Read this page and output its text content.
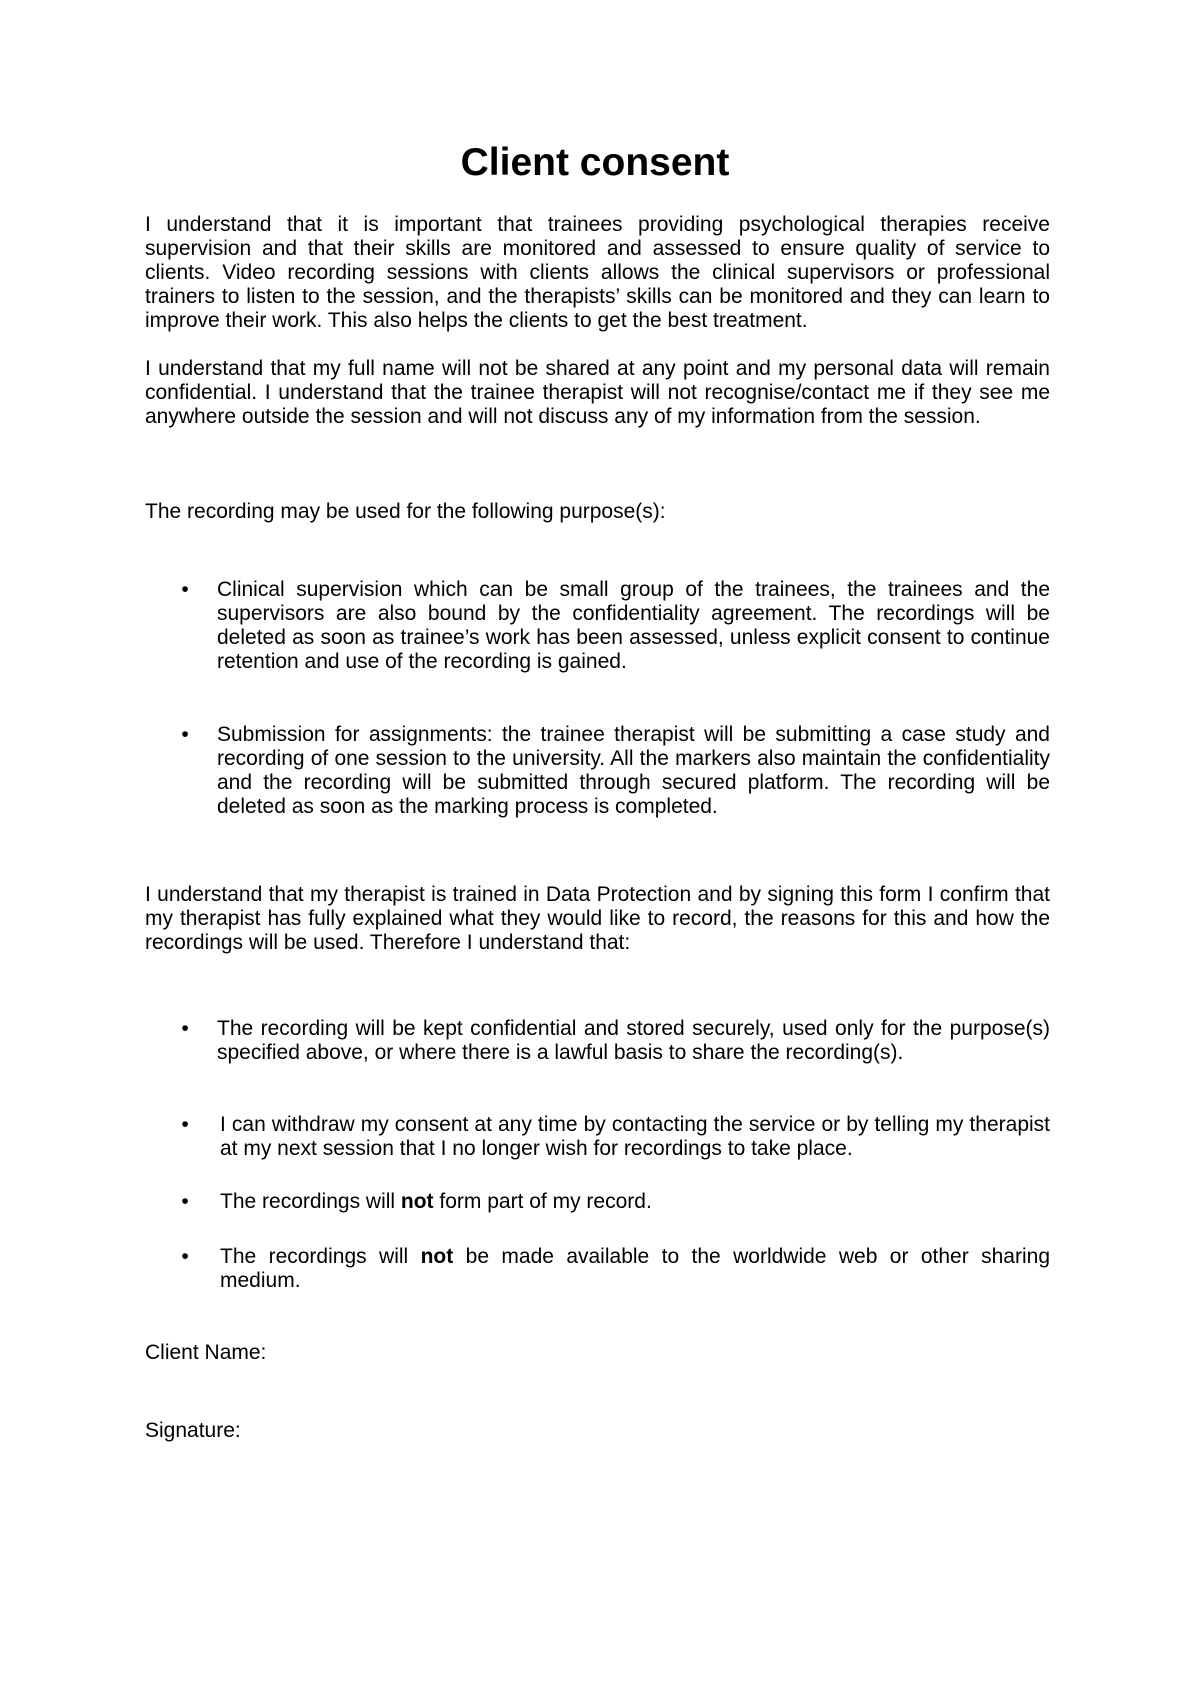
Client consent

I understand that it is important that trainees providing psychological therapies receive supervision and that their skills are monitored and assessed to ensure quality of service to clients. Video recording sessions with clients allows the clinical supervisors or professional trainers to listen to the session, and the therapists’ skills can be monitored and they can learn to improve their work. This also helps the clients to get the best treatment.

I understand that my full name will not be shared at any point and my personal data will remain confidential. I understand that the trainee therapist will not recognise/contact me if they see me anywhere outside the session and will not discuss any of my information from the session.

The recording may be used for the following purpose(s):

• Clinical supervision which can be small group of the trainees, the trainees and the supervisors are also bound by the confidentiality agreement. The recordings will be deleted as soon as trainee’s work has been assessed, unless explicit consent to continue retention and use of the recording is gained.
• Submission for assignments: the trainee therapist will be submitting a case study and recording of one session to the university. All the markers also maintain the confidentiality and the recording will be submitted through secured platform. The recording will be deleted as soon as the marking process is completed.

I understand that my therapist is trained in Data Protection and by signing this form I confirm that my therapist has fully explained what they would like to record, the reasons for this and how the recordings will be used. Therefore I understand that:

• The recording will be kept confidential and stored securely, used only for the purpose(s) specified above, or where there is a lawful basis to share the recording(s).
• I can withdraw my consent at any time by contacting the service or by telling my therapist at my next session that I no longer wish for recordings to take place.
• The recordings will not form part of my record.
• The recordings will not be made available to the worldwide web or other sharing medium.

Client Name:

Signature:
